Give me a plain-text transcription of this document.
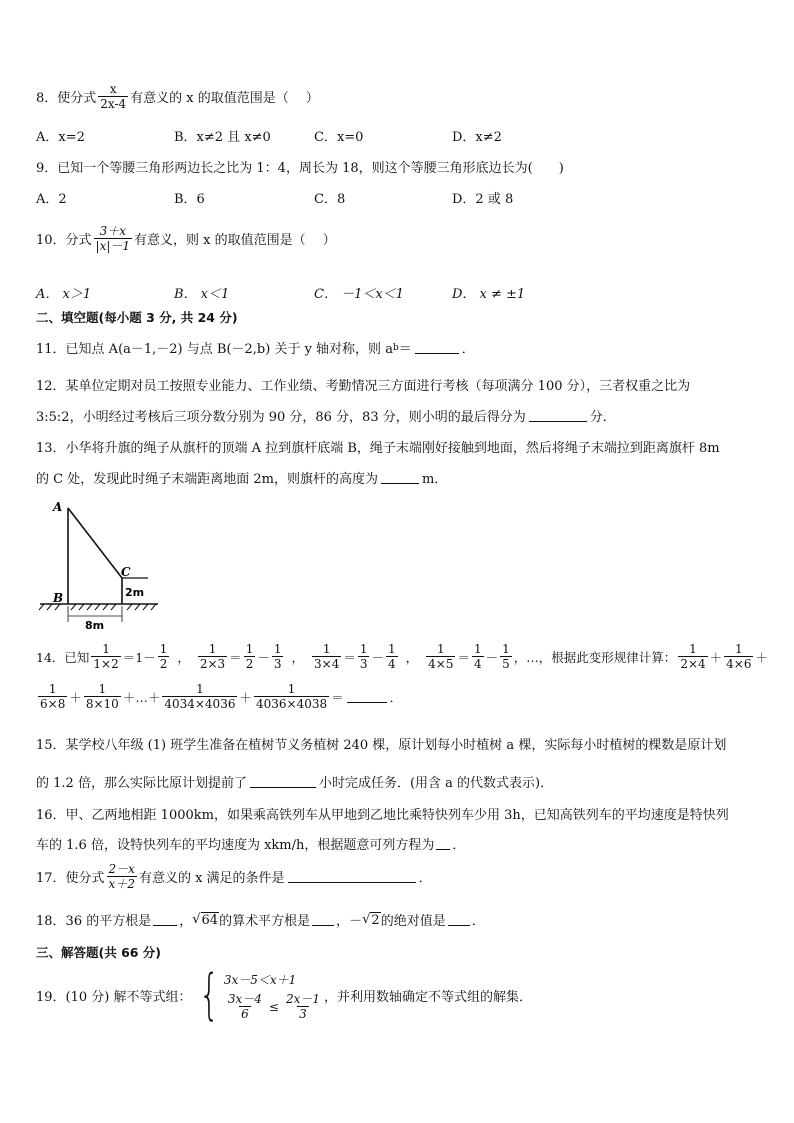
8．使分式 $\frac{x}{2x-4}$ 有意义的 x 的取值范围是（　 ）
A．x=2	B．x≠2 且 x≠0	C．x=0	D．x≠2
9．已知一个等腰三角形两边长之比为 1：4，周长为 18，则这个等腰三角形底边长为(　　)
A．2	B．6	C．8	D．2 或 8
10．分式 $\frac{3+x}{|x|-1}$ 有意义，则 x 的取值范围是（　 ）
A． x＞1	B． x＜1	C． －1＜x＜1	D． x ≠ ±1
二、填空题(每小题 3 分, 共 24 分)
11．已知点 A(a－1,－2) 与点 B(－2,b) 关于 y 轴对称，则 a b ＝	．
12．某单位定期对员工按照专业能力、工作业绩、考勤情况三方面进行考核（每项满分 100 分），三者权重之比为
3:5:2，小明经过考核后三项分数分别为 90 分，86 分，83 分，则小明的最后得分为	分．
13．小华将升旗的绳子从旗杆的顶端 A 拉到旗杆底端 B，绳子末端刚好接触到地面，然后将绳子末端拉到距离旗杆 8m
的 C 处，发现此时绳子末端距离地面 2m，则旗杆的高度为	m．
A
B
C
2m
8m
14．已知 $\frac{1}{1\times 2} =1- \frac{1}{2}$ ， $\frac{1}{2\times 3} = \frac{1}{2} - \frac{1}{3}$ ， $\frac{1}{3\times 4} = \frac{1}{3} - \frac{1}{4}$ ， $\frac{1}{4\times 5} = \frac{1}{4} - \frac{1}{5}$ ，…，根据此变形规律计算： $\frac{1}{2\times 4} + \frac{1}{4\times 6}$ ＋
$\frac{1}{6\times 8} + \frac{1}{8\times 10}$ ＋…＋ $\frac{1}{4034\times 4036} + \frac{1}{4036\times 4038}$ ＝	．
15．某学校八年级 (1) 班学生准备在植树节义务植树 240 棵，原计划每小时植树 a 棵，实际每小时植树的棵数是原计划
的 1.2 倍，那么实际比原计划提前了	小时完成任务．(用含 a 的代数式表示)．
16．甲、乙两地相距 1000km，如果乘高铁列车从甲地到乙地比乘特快列车少用 3h，已知高铁列车的平均速度是特快列
车的 1.6 倍，设特快列车的平均速度为 xkm/h，根据题意可列方程为 ．
17．使分式 $\frac{2-x}{x+2}$ 有意义的 x 满足的条件是	．
18．36 的平方根是 ， √ 64 的算术平方根是 ，－ √ 2 的绝对值是 ．
三、解答题(共 66 分)
19．(10 分) 解不等式组： { 3x－5＜x＋1
$\frac{3x-4}{6} \le \frac{2x-1}{3}$ ，并利用数轴确定不等式组的解集．
